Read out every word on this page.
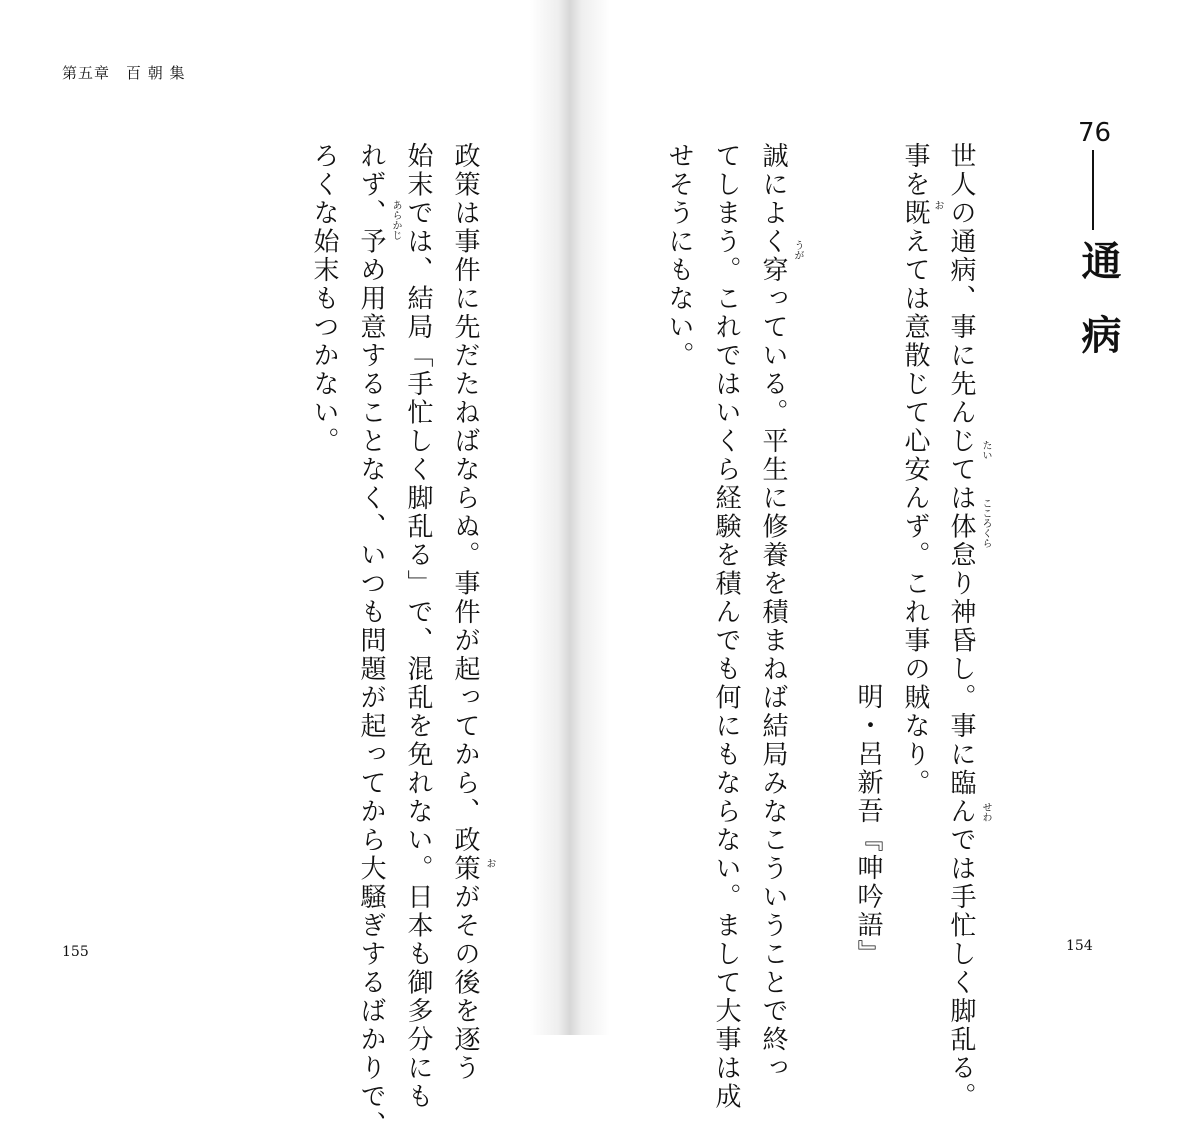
第五章　百 朝 集
政策は事件に先だたねばならぬ。事件が起ってから、政策がその後を逐う
始末では、結局「手忙しく脚乱る」で、混乱を免れない。日本も御多分にも
れず、予め用意することなく、いつも問題が起ってから大騒ぎするばかりで、
ろくな始末もつかない。
お
あらかじ
155
76
通病
世人の通病、事に先んじては体怠り神昏し。事に臨んでは手忙しく脚乱る。
事を既えては意散じて心安んず。これ事の賊なり。	たい
こころくら
せわ
お
明・呂新吾『呻吟語』
誠によく穿っている。平生に修養を積まねば結局みなこういうことで終っ
てしまう。これではいくら経験を積んでも何にもならない。まして大事は成
せそうにもない。	うが
154
